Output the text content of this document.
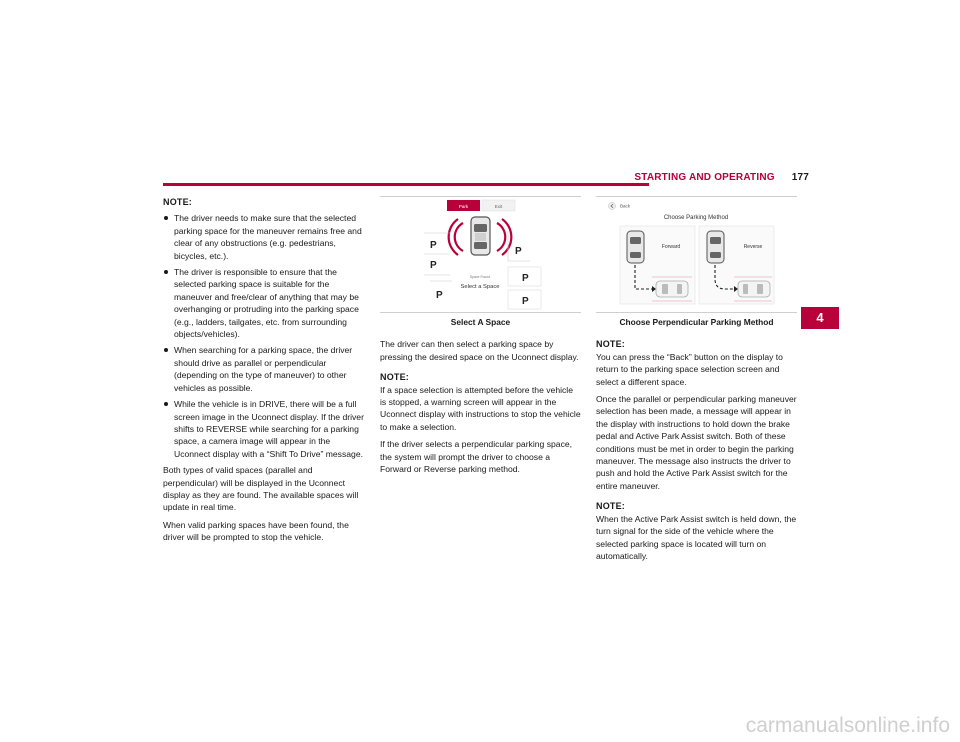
STARTING AND OPERATING 177
NOTE:
The driver needs to make sure that the selected parking space for the maneuver remains free and clear of any obstructions (e.g. pedestrians, bicycles, etc.).
The driver is responsible to ensure that the selected parking space is suitable for the maneuver and free/clear of anything that may be overhanging or protruding into the parking space (e.g., ladders, tailgates, etc. from surrounding objects/vehicles).
When searching for a parking space, the driver should drive as parallel or perpendicular (depending on the type of maneuver) to other vehicles as possible.
While the vehicle is in DRIVE, there will be a full screen image in the Uconnect display. If the driver shifts to REVERSE while searching for a parking space, a camera image will appear in the Uconnect display with a “Shift To Drive” message.

Both types of valid spaces (parallel and perpendicular) will be displayed in the Uconnect display as they are found. The available spaces will update in real time.

When valid parking spaces have been found, the driver will be prompted to stop the vehicle.

Park	Exit
P
P
P
P
P
P
Space Found
Select a Space
Select A Space

The driver can then select a parking space by pressing the desired space on the Uconnect display.

NOTE:

If a space selection is attempted before the vehicle is stopped, a warning screen will appear in the Uconnect display with instructions to stop the vehicle to make a selection.

If the driver selects a perpendicular parking space, the system will prompt the driver to choose a Forward or Reverse parking method.

Back
Choose Parking Method
Forward	Reverse
Choose Perpendicular Parking Method
NOTE:

You can press the “Back” button on the display to return to the parking space selection screen and select a different space.

Once the parallel or perpendicular parking maneuver selection has been made, a message will appear in the display with instructions to hold down the brake pedal and Active Park Assist switch. Both of these conditions must be met in order to begin the parking maneuver. The message also instructs the driver to push and hold the Active Park Assist switch for the entire maneuver.

NOTE:

When the Active Park Assist switch is held down, the turn signal for the side of the vehicle where the selected parking space is located will turn on automatically.

4
carmanualsonline.info
